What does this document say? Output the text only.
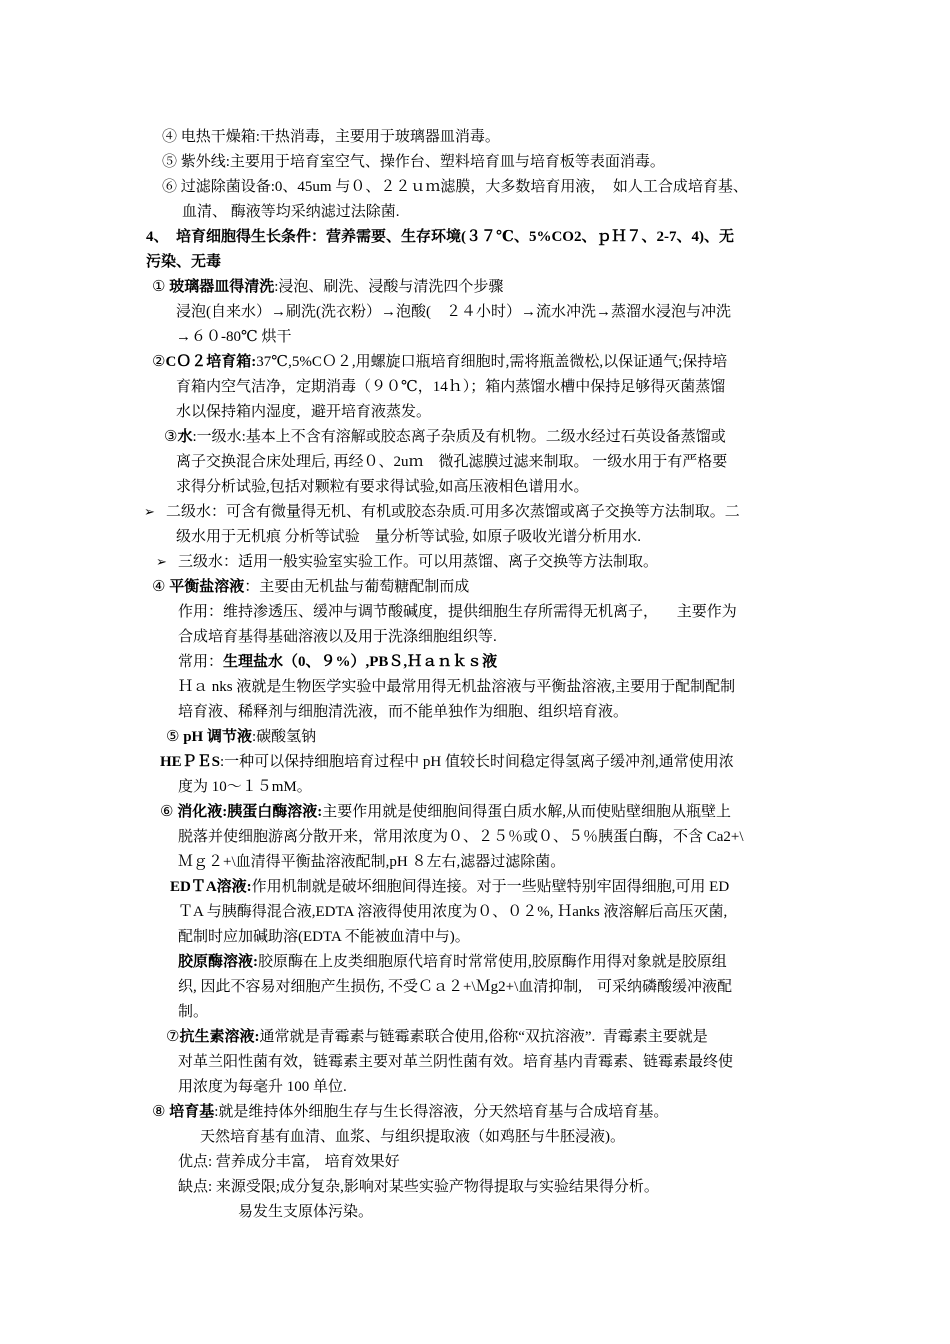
④ 电热干燥箱:干热消毒，主要用于玻璃器皿消毒。
⑤ 紫外线:主要用于培育室空气、操作台、塑料培育皿与培育板等表面消毒。
⑥ 过滤除菌设备:0、45um 与０、２２ｕｍ滤膜，大多数培育用液，  如人工合成培育基、
血清、 酶液等均采纳滤过法除菌.
4、  培育细胞得生长条件：营养需要、生存环境(３７℃、5%CO2、ｐＨ７、2-7、4)、无
污染、无毒
① 玻璃器皿得清洗:浸泡、刷洗、浸酸与清洗四个步骤
浸泡(自来水）→刷洗(洗衣粉）→泡酸(    ２４小时）→流水冲洗→蒸溜水浸泡与冲洗
→６０-80℃ 烘干
②CＯ２培育箱:37℃,5%CＯ２,用螺旋口瓶培育细胞时,需将瓶盖微松,以保证通气;保持培
育箱内空气洁净，定期消毒（９０℃，14ｈ）；箱内蒸馏水槽中保持足够得灭菌蒸馏
水以保持箱内湿度，避开培育液蒸发。
③水:一级水:基本上不含有溶解或胶态离子杂质及有机物。二级水经过石英设备蒸馏或
离子交换混合床处理后, 再经０、2uｍ    微孔滤膜过滤来制取。 一级水用于有严格要
求得分析试验,包括对颗粒有要求得试验,如高压液相色谱用水。
➢ 二级水：可含有微量得无机、有机或胶态杂质.可用多次蒸馏或离子交换等方法制取。二
级水用于无机痕 分析等试验    量分析等试验, 如原子吸收光谱分析用水.
➢ 三级水：适用一般实验室实验工作。可以用蒸馏、离子交换等方法制取。
④ 平衡盐溶液：主要由无机盐与葡萄糖配制而成
作用：维持渗透压、缓冲与调节酸碱度，提供细胞生存所需得无机离子，     主要作为
合成培育基得基础溶液以及用于洗涤细胞组织等.
常用：生理盐水（0、９%）,PBＳ,Ｈａｎｋｓ液
Ｈａ nks 液就是生物医学实验中最常用得无机盐溶液与平衡盐溶液,主要用于配制配制
培育液、稀释剂与细胞清洗液，而不能单独作为细胞、组织培育液。
⑤ pH 调节液:碳酸氢钠
HEＰＥS:一种可以保持细胞培育过程中 pH 值较长时间稳定得氢离子缓冲剂,通常使用浓
度为 10～１５mM。
⑥ 消化液:胰蛋白酶溶液:主要作用就是使细胞间得蛋白质水解,从而使贴壁细胞从瓶壁上
脱落并使细胞游离分散开来，常用浓度为０、２５％或０、５％胰蛋白酶，不含 Ca2+\
Ｍｇ２+\血清得平衡盐溶液配制,pH ８左右,滤器过滤除菌。
EDＴA溶液:作用机制就是破坏细胞间得连接。对于一些贴壁特别牢固得细胞,可用 ED
ＴA 与胰酶得混合液,EDTA 溶液得使用浓度为０、０２%, Ｈanks 液溶解后高压灭菌,
配制时应加碱助溶(EDTA 不能被血清中与)。
胶原酶溶液:胶原酶在上皮类细胞原代培育时常常使用,胶原酶作用得对象就是胶原组
织, 因此不容易对细胞产生损伤, 不受Ｃａ２+\Ｍg2+\血清抑制,    可采纳磷酸缓冲液配
制。
⑦抗生素溶液:通常就是青霉素与链霉素联合使用,俗称“双抗溶液”.  青霉素主要就是
对革兰阳性菌有效，链霉素主要对革兰阴性菌有效。培育基内青霉素、链霉素最终使
用浓度为每毫升 100 单位.
⑧ 培育基:就是维持体外细胞生存与生长得溶液，分天然培育基与合成培育基。
天然培育基有血清、血浆、与组织提取液（如鸡胚与牛胚浸液)。
优点: 营养成分丰富,    培育效果好
缺点: 来源受限;成分复杂,影响对某些实验产物得提取与实验结果得分析。
易发生支原体污染。
